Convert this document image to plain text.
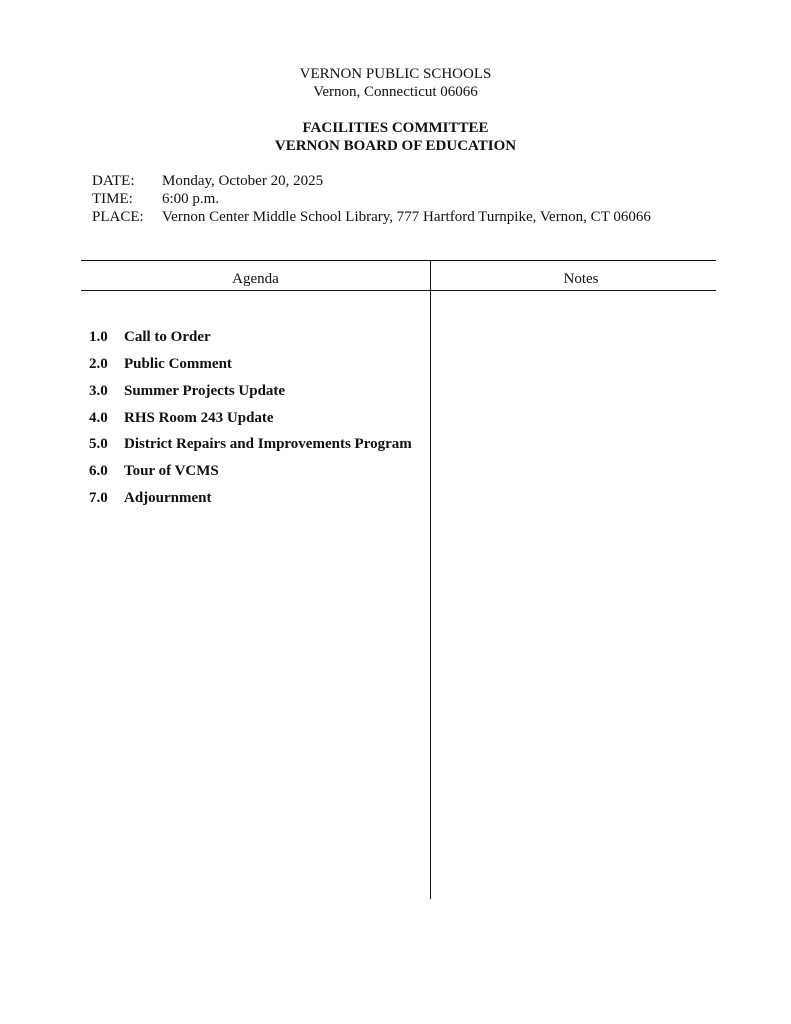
VERNON PUBLIC SCHOOLS
Vernon, Connecticut 06066
FACILITIES COMMITTEE
VERNON BOARD OF EDUCATION
DATE: Monday, October 20, 2025
TIME: 6:00 p.m.
PLACE: Vernon Center Middle School Library, 777 Hartford Turnpike, Vernon, CT 06066
Agenda	Notes
1.0 Call to Order
2.0 Public Comment
3.0 Summer Projects Update
4.0 RHS Room 243 Update
5.0 District Repairs and Improvements Program
6.0 Tour of VCMS
7.0 Adjournment
